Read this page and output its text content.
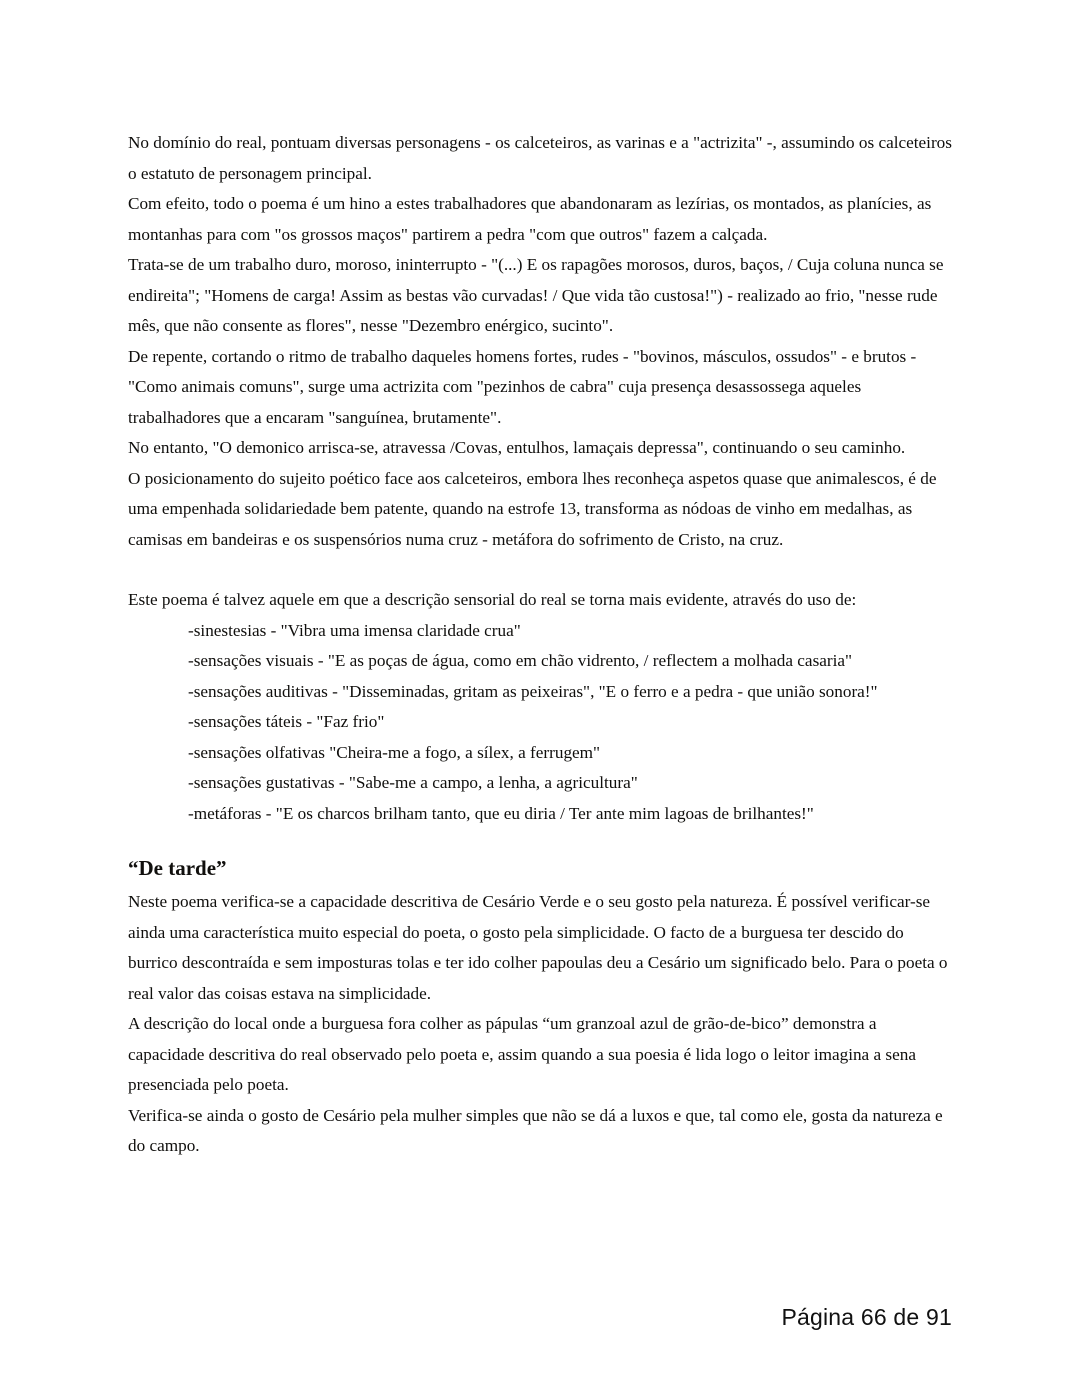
No domínio do real, pontuam diversas personagens - os calceteiros, as varinas e a "actrizita" -, assumindo os calceteiros o estatuto de personagem principal.

Com efeito, todo o poema é um hino a estes trabalhadores que abandonaram as lezírias, os montados, as planícies, as montanhas para com "os grossos maços" partirem a pedra "com que outros" fazem a calçada.

Trata-se de um trabalho duro, moroso, ininterrupto - "(...) E os rapagões morosos, duros, baços, / Cuja coluna nunca se endireita"; "Homens de carga! Assim as bestas vão curvadas! / Que vida tão custosa!") - realizado ao frio, "nesse rude mês, que não consente as flores", nesse "Dezembro enérgico, sucinto".

De repente, cortando o ritmo de trabalho daqueles homens fortes, rudes - "bovinos, másculos, ossudos" - e brutos - "Como animais comuns", surge uma actrizita com "pezinhos de cabra" cuja presença desassossega aqueles trabalhadores que a encaram "sanguínea, brutamente".

No entanto, "O demonico arrisca-se, atravessa /Covas, entulhos, lamaçais depressa", continuando o seu caminho.

O posicionamento do sujeito poético face aos calceteiros, embora lhes reconheça aspetos quase que animalescos, é de uma empenhada solidariedade bem patente, quando na estrofe 13, transforma as nódoas de vinho em medalhas, as camisas em bandeiras e os suspensórios numa cruz - metáfora do sofrimento de Cristo, na cruz.

Este poema é talvez aquele em que a descrição sensorial do real se torna mais evidente, através do uso de:

-sinestesias - "Vibra uma imensa claridade crua"

-sensações visuais - "E as poças de água, como em chão vidrento, / reflectem a molhada casaria"

-sensações auditivas - "Disseminadas, gritam as peixeiras", "E o ferro e a pedra - que união sonora!"

-sensações táteis - "Faz frio"

-sensações olfativas "Cheira-me a fogo, a sílex, a ferrugem"

-sensações gustativas - "Sabe-me a campo, a lenha, a agricultura"

-metáforas - "E os charcos brilham tanto, que eu diria / Ter ante mim lagoas de brilhantes!"

“De tarde”

Neste poema verifica-se a capacidade descritiva de Cesário Verde e o seu gosto pela natureza. É possível verificar-se ainda uma característica muito especial do poeta, o gosto pela simplicidade. O facto de a burguesa ter descido do burrico descontraída e sem imposturas tolas e ter ido colher papoulas deu a Cesário um significado belo. Para o poeta o real valor das coisas estava na simplicidade.

A descrição do local onde a burguesa fora colher as pápulas “um granzoal azul de grão-de-bico” demonstra a capacidade descritiva do real observado pelo poeta e, assim quando a sua poesia é lida logo o leitor imagina a sena presenciada pelo poeta.

Verifica-se ainda o gosto de Cesário pela mulher simples que não se dá a luxos e que, tal como ele, gosta da natureza e do campo.

Página 66 de 91
